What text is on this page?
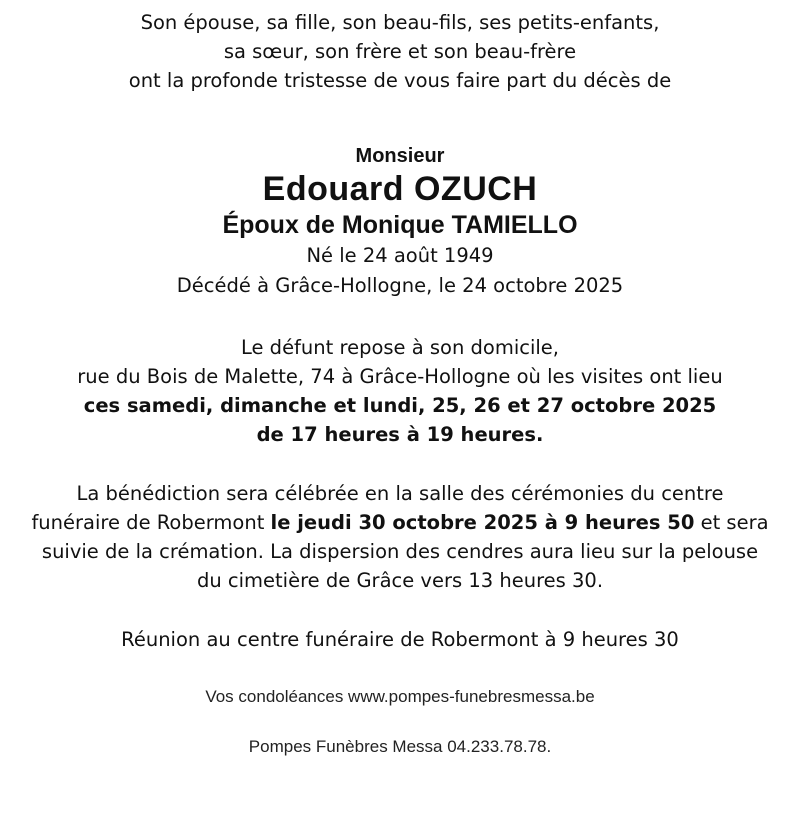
Son épouse, sa fille, son beau-fils, ses petits-enfants,

sa sœur, son frère et son beau-frère

ont la profonde tristesse de vous faire part du décès de

Monsieur
Edouard OZUCH
Époux de Monique TAMIELLO

Né le 24 août 1949

Décédé à Grâce-Hollogne, le 24 octobre 2025

Le défunt repose à son domicile,

rue du Bois de Malette, 74 à Grâce-Hollogne où les visites ont lieu

ces samedi, dimanche et lundi, 25, 26 et 27 octobre 2025

de 17 heures à 19 heures.

La bénédiction sera célébrée en la salle des cérémonies du centre

funéraire de Robermont le jeudi 30 octobre 2025 à 9 heures 50 et sera

suivie de la crémation. La dispersion des cendres aura lieu sur la pelouse

du cimetière de Grâce vers 13 heures 30.

Réunion au centre funéraire de Robermont à 9 heures 30

Vos condoléances www.pompes-funebresmessa.be
Pompes Funèbres Messa 04.233.78.78.
